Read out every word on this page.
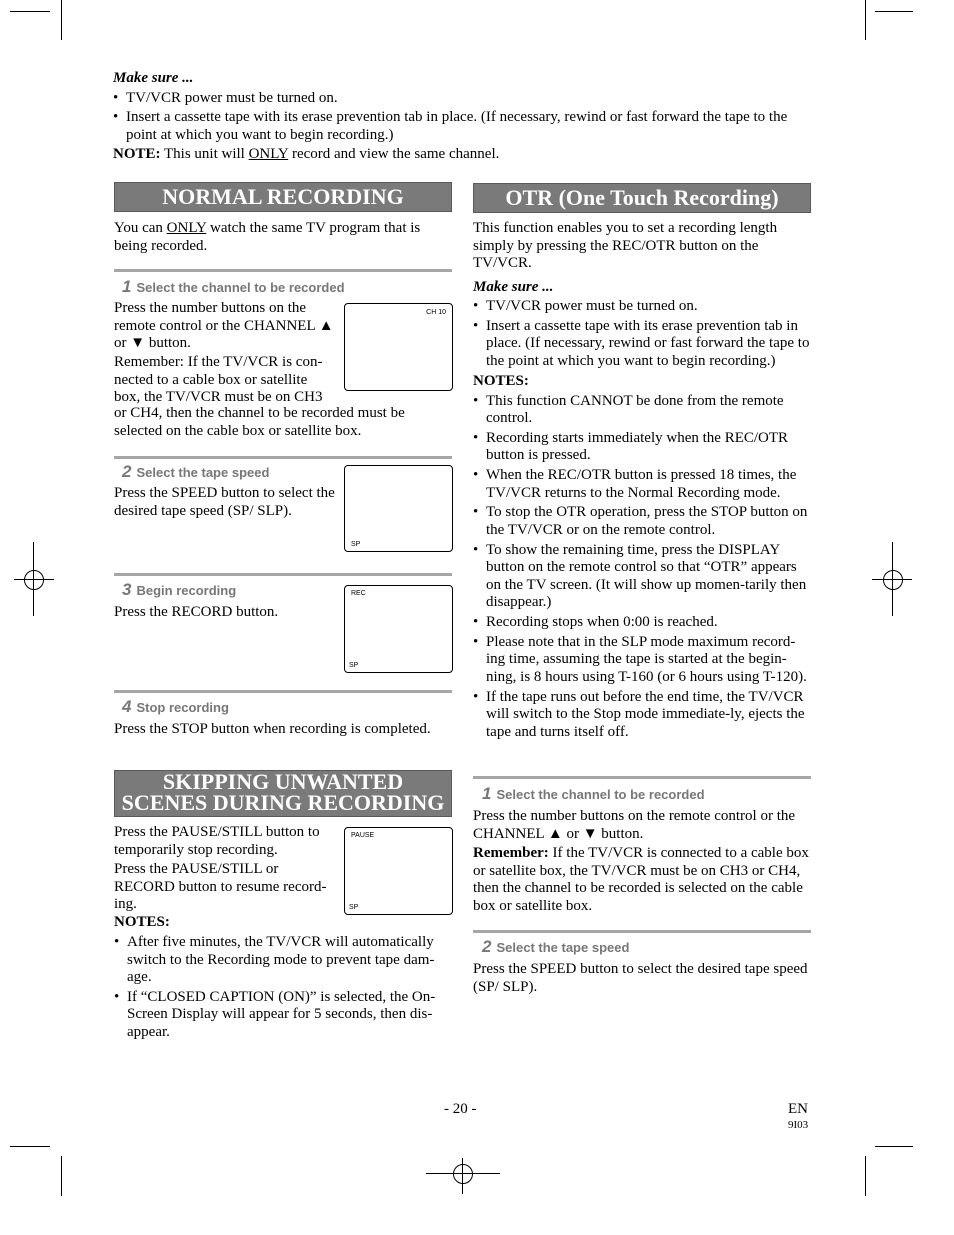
Make sure ...

• TV/VCR power must be turned on.
• Insert a cassette tape with its erase prevention tab in place. (If necessary, rewind or fast forward the tape to the point at which you want to begin recording.)

NOTE: This unit will ONLY record and view the same channel.

NORMAL RECORDING

You can ONLY watch the same TV program that is being recorded.

1 Select the channel to be recorded

Press the number buttons on the remote control or the CHANNEL ▲ or ▼ button.

Remember: If the TV/VCR is con-nected to a cable box or satellite box, the TV/VCR must be on CH3

or CH4, then the channel to be recorded must be selected on the cable box or satellite box.

CH 10
2 Select the tape speed

Press the SPEED button to select the desired tape speed (SP/ SLP).

SP
3 Begin recording

Press the RECORD button.

REC
SP
4 Stop recording

Press the STOP button when recording is completed.

SKIPPING UNWANTED
SCENES DURING RECORDING

Press the PAUSE/STILL button to temporarily stop recording.

Press the PAUSE/STILL or RECORD button to resume record-ing.

NOTES:

• After five minutes, the TV/VCR will automatically switch to the Recording mode to prevent tape dam-age.
• If “CLOSED CAPTION (ON)” is selected, the On-Screen Display will appear for 5 seconds, then dis-appear.
PAUSE
SP
OTR (One Touch Recording)

This function enables you to set a recording length simply by pressing the REC/OTR button on the TV/VCR.

Make sure ...

• TV/VCR power must be turned on.
• Insert a cassette tape with its erase prevention tab in place. (If necessary, rewind or fast forward the tape to the point at which you want to begin recording.)

NOTES:

• This function CANNOT be done from the remote control.
• Recording starts immediately when the REC/OTR button is pressed.
• When the REC/OTR button is pressed 18 times, the TV/VCR returns to the Normal Recording mode.
• To stop the OTR operation, press the STOP button on the TV/VCR or on the remote control.
• To show the remaining time, press the DISPLAY button on the remote control so that “OTR” appears on the TV screen. (It will show up momen-tarily then disappear.)
• Recording stops when 0:00 is reached.
• Please note that in the SLP mode maximum record-ing time, assuming the tape is started at the begin-ning, is 8 hours using T-160 (or 6 hours using T-120).
• If the tape runs out before the end time, the TV/VCR will switch to the Stop mode immediate-ly, ejects the tape and turns itself off.
1 Select the channel to be recorded

Press the number buttons on the remote control or the CHANNEL ▲ or ▼ button.

Remember: If the TV/VCR is connected to a cable box or satellite box, the TV/VCR must be on CH3 or CH4, then the channel to be recorded is selected on the cable box or satellite box.

2 Select the tape speed

Press the SPEED button to select the desired tape speed (SP/ SLP).

- 20 -	EN
9I03
